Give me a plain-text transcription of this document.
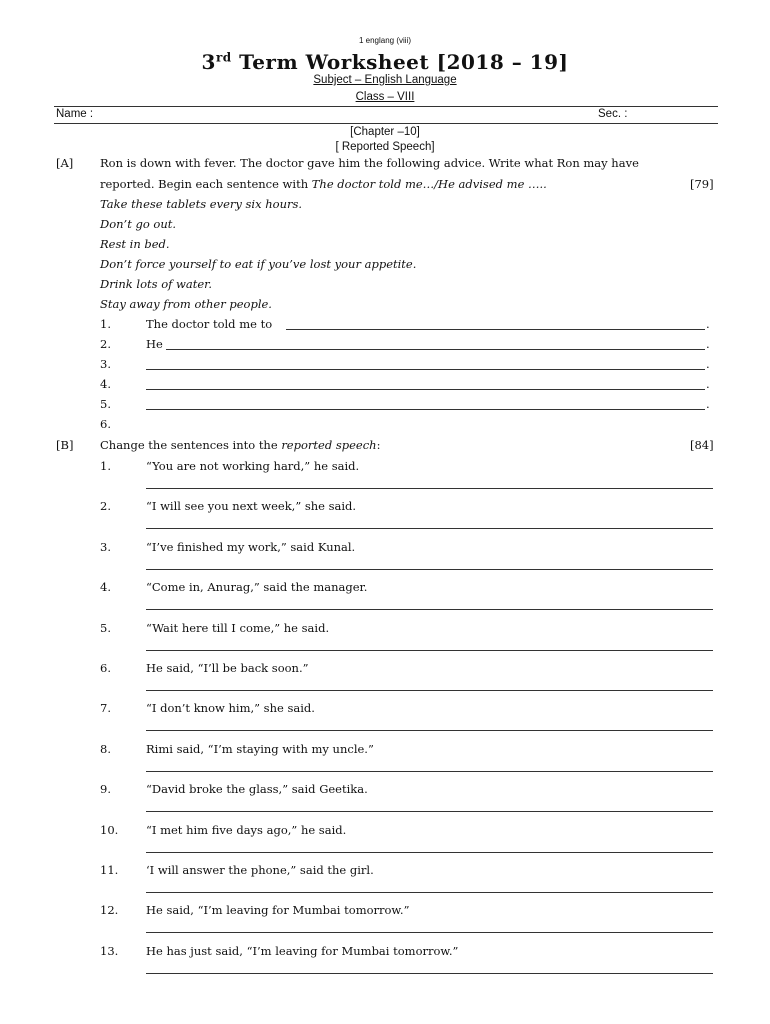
1 englang (viii)
3rd Term Worksheet [2018 – 19]
Subject – English Language
Class – VIII
Name :	Sec. :
[Chapter –10]
[ Reported Speech]
[A] Ron is down with fever. The doctor gave him the following advice. Write what Ron may have
reported. Begin each sentence with The doctor told me…/He advised me …..	[79]
Take these tablets every six hours.
Don’t go out.
Rest in bed.
Don’t force yourself to eat if you’ve lost your appetite.
Drink lots of water.
Stay away from other people.
1.	The doctor told me to	.
2.	He	.
3.	.
4.	.
5.	.
6.
[B] Change the sentences into the reported speech:	[84]
1.	“You are not working hard,” he said.
2.	“I will see you next week,” she said.
3.	“I’ve finished my work,” said Kunal.
4.	“Come in, Anurag,” said the manager.
5.	“Wait here till I come,” he said.
6.	He said, “I’ll be back soon.”
7.	“I don’t know him,” she said.
8.	Rimi said, “I’m staying with my uncle.”
9.	“David broke the glass,” said Geetika.
10. “I met him five days ago,” he said.
11. ‘I will answer the phone,” said the girl.
12. He said, “I’m leaving for Mumbai tomorrow.”
13. He has just said, “I’m leaving for Mumbai tomorrow.”
